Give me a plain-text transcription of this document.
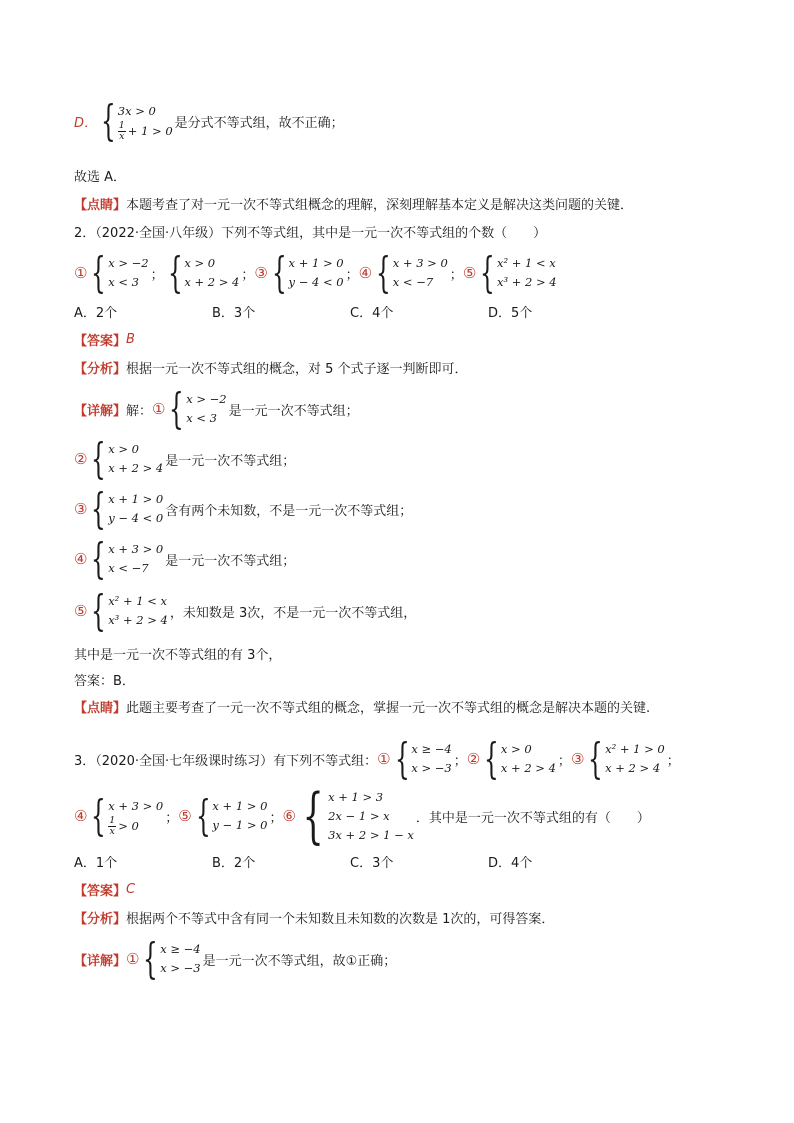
D． { 3x > 0
$\frac{1}{x} + 1 > 0$
是分式不等式组，故不正确；
故选 A．
【点睛】 本题考查了对一元一次不等式组概念的理解，深刻理解基本定义是解决这类问题的关键．
2．（2022·全国·八年级）下列不等式组，其中是一元一次不等式组的个数（　　）
① { x > −2
x < 3 ； { x > 0
x + 2 > 4 ； ③ { x + 1 > 0
y − 4 < 0 ； ④ { x + 3 > 0
x < −7	； ⑤ { x² + 1 < x
x³ + 2 > 4
A．2个	B．3个	C．4个	D．5个
【答案】 B
【分析】 根据一元一次不等式组的概念，对 5 个式子逐一判断即可．
【详解】 解： ① { x > −2
x < 3 是一元一次不等式组；
② { x > 0
x + 2 > 4 是一元一次不等式组；
③ { x + 1 > 0
y − 4 < 0 含有两个未知数，不是一元一次不等式组；
④ { x + 3 > 0
x < −7	是一元一次不等式组；
⑤ { x² + 1 < x
x³ + 2 > 4 ，未知数是 3次，不是一元一次不等式组，
其中是一元一次不等式组的有 3个，
答案：B．
【点睛】 此题主要考查了一元一次不等式组的概念，掌握一元一次不等式组的概念是解决本题的关键.
3．（2020·全国·七年级课时练习）有下列不等式组： ① { x ≥ −4
x > −3 ； ② { x > 0
x + 2 > 4 ； ③ { x² + 1 > 0
x + 2 > 4 ；
④ { x + 3 > 0
$\frac{1}{x} > 0$
； ⑤ { x + 1 > 0
y − 1 > 0 ； ⑥ { x + 1 > 3
2x − 1 > x
3x + 2 > 1 − x
．其中是一元一次不等式组的有（　　）
A．1个	B．2个	C．3个	D．4个
【答案】 C
【分析】 根据两个不等式中含有同一个未知数且未知数的次数是 1次的，可得答案．
【详解】 ① { x ≥ −4
x > −3 是一元一次不等式组，故①正确；
